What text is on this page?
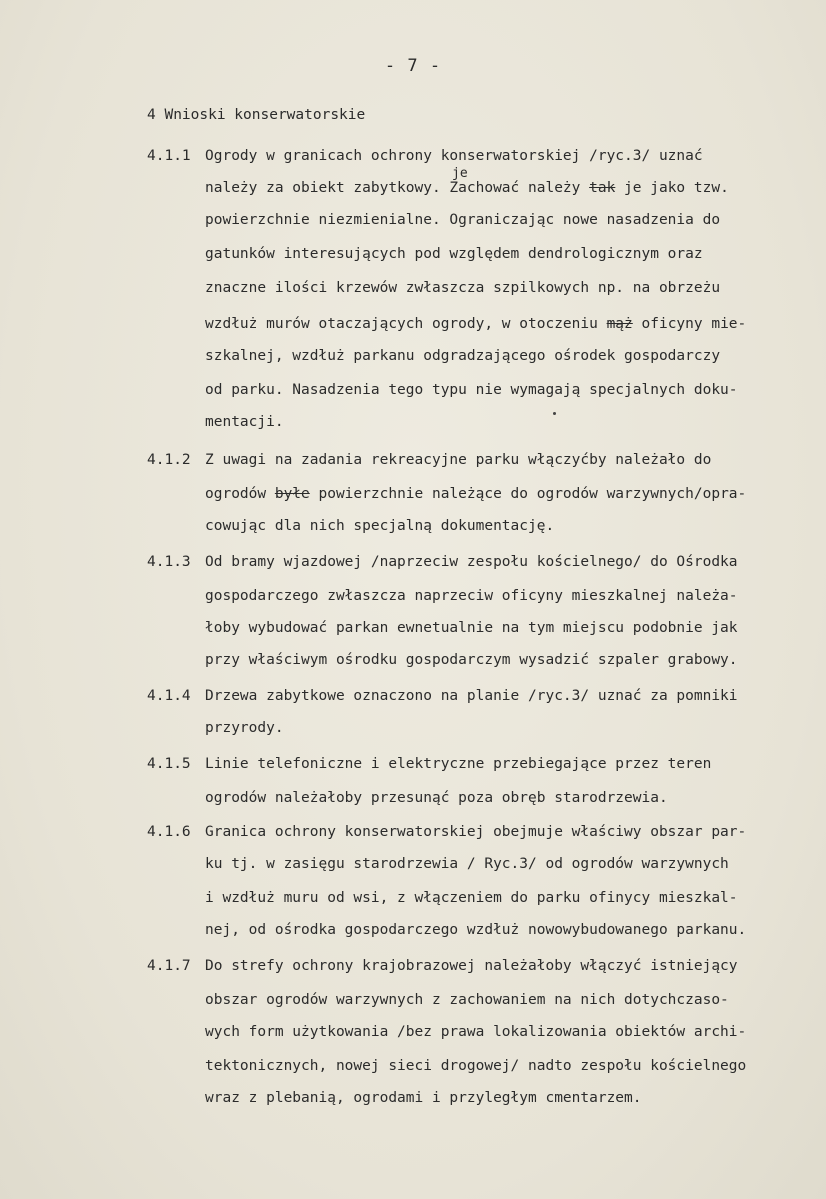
- 7 -
4 Wnioski konserwatorskie
4.1.1 Ogrody w granicach ochrony konserwatorskiej /ryc.3/ uznać
należy za obiekt zabytkowy. Zachować należy tak je jako tzw.
powierzchnie niezmienialne. Ograniczając nowe nasadzenia do
gatunków interesujących pod względem dendrologicznym oraz
znaczne ilości krzewów zwłaszcza szpilkowych np. na obrzeżu
wzdłuż murów otaczających ogrody, w otoczeniu mąż oficyny mie-
szkalnej, wzdłuż parkanu odgradzającego ośrodek gospodarczy
od parku. Nasadzenia tego typu nie wymagają specjalnych doku-
mentacji.
je
4.1.2 Z uwagi na zadania rekreacyjne parku włączyćby należało do
ogrodów byłe powierzchnie należące do ogrodów warzywnych/opra-
cowując dla nich specjalną dokumentację.
4.1.3 Od bramy wjazdowej /naprzeciw zespołu kościelnego/ do Ośrodka
gospodarczego zwłaszcza naprzeciw oficyny mieszkalnej należa-
łoby wybudować parkan ewnetualnie na tym miejscu podobnie jak
przy właściwym ośrodku gospodarczym wysadzić szpaler grabowy.
4.1.4 Drzewa zabytkowe oznaczono na planie /ryc.3/ uznać za pomniki
przyrody.
4.1.5 Linie telefoniczne i elektryczne przebiegające przez teren
ogrodów należałoby przesunąć poza obręb starodrzewia.
4.1.6 Granica ochrony konserwatorskiej obejmuje właściwy obszar par-
ku tj. w zasięgu starodrzewia / Ryc.3/ od ogrodów warzywnych
i wzdłuż muru od wsi, z włączeniem do parku ofinycy mieszkal-
nej, od ośrodka gospodarczego wzdłuż nowowybudowanego parkanu.
4.1.7 Do strefy ochrony krajobrazowej należałoby włączyć istniejący
obszar ogrodów warzywnych z zachowaniem na nich dotychczaso-
wych form użytkowania /bez prawa lokalizowania obiektów archi-
tektonicznych, nowej sieci drogowej/ nadto zespołu kościelnego
wraz z plebanią, ogrodami i przyległym cmentarzem.
